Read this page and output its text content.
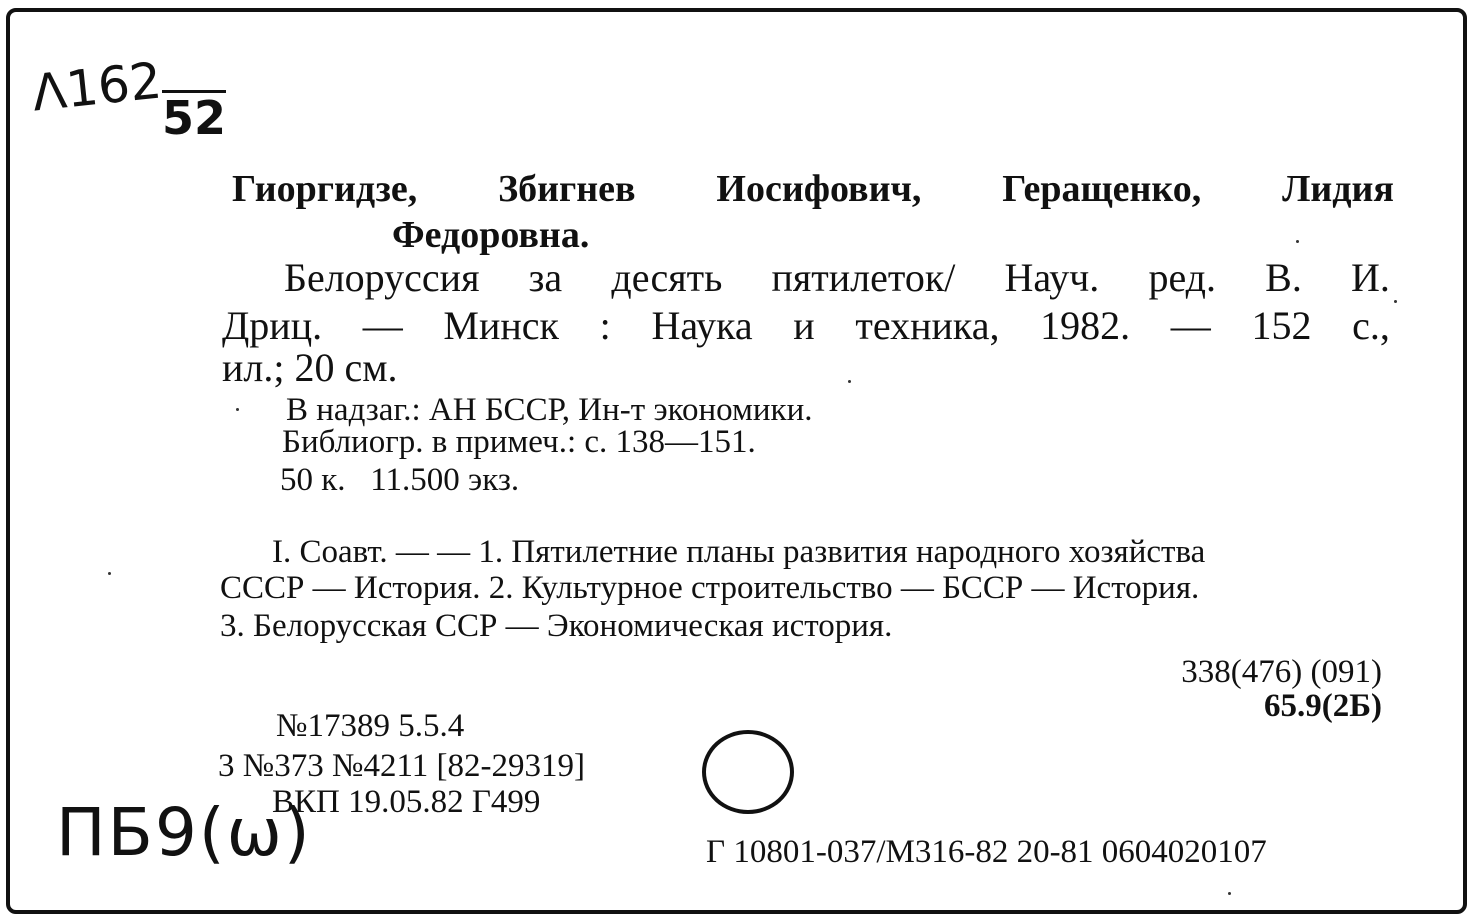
Λ162
52
ПБ9(ω)
Гиоргидзе, Збигнев Иосифович, Геращенко, Лидия
Федоровна.
Белоруссия за десять пятилеток/ Науч. ред. В. И.
Дриц. — Минск : Наука и техника, 1982. — 152 с.,
ил.; 20 см.
В надзаг.: АН БССР, Ин-т экономики.
Библиогр. в примеч.: с. 138—151.
50 к.   11.500 экз.
I. Соавт. — — 1. Пятилетние планы развития народного хозяйства
СССР — История. 2. Культурное строительство — БССР — История.
3. Белорусская ССР — Экономическая история.
338(476) (091)
65.9(2Б)
№17389 5.5.4
3 №373 №4211 [82-29319]
ВКП 19.05.82 Г499
Г 10801-037/М316-82 20-81 0604020107
